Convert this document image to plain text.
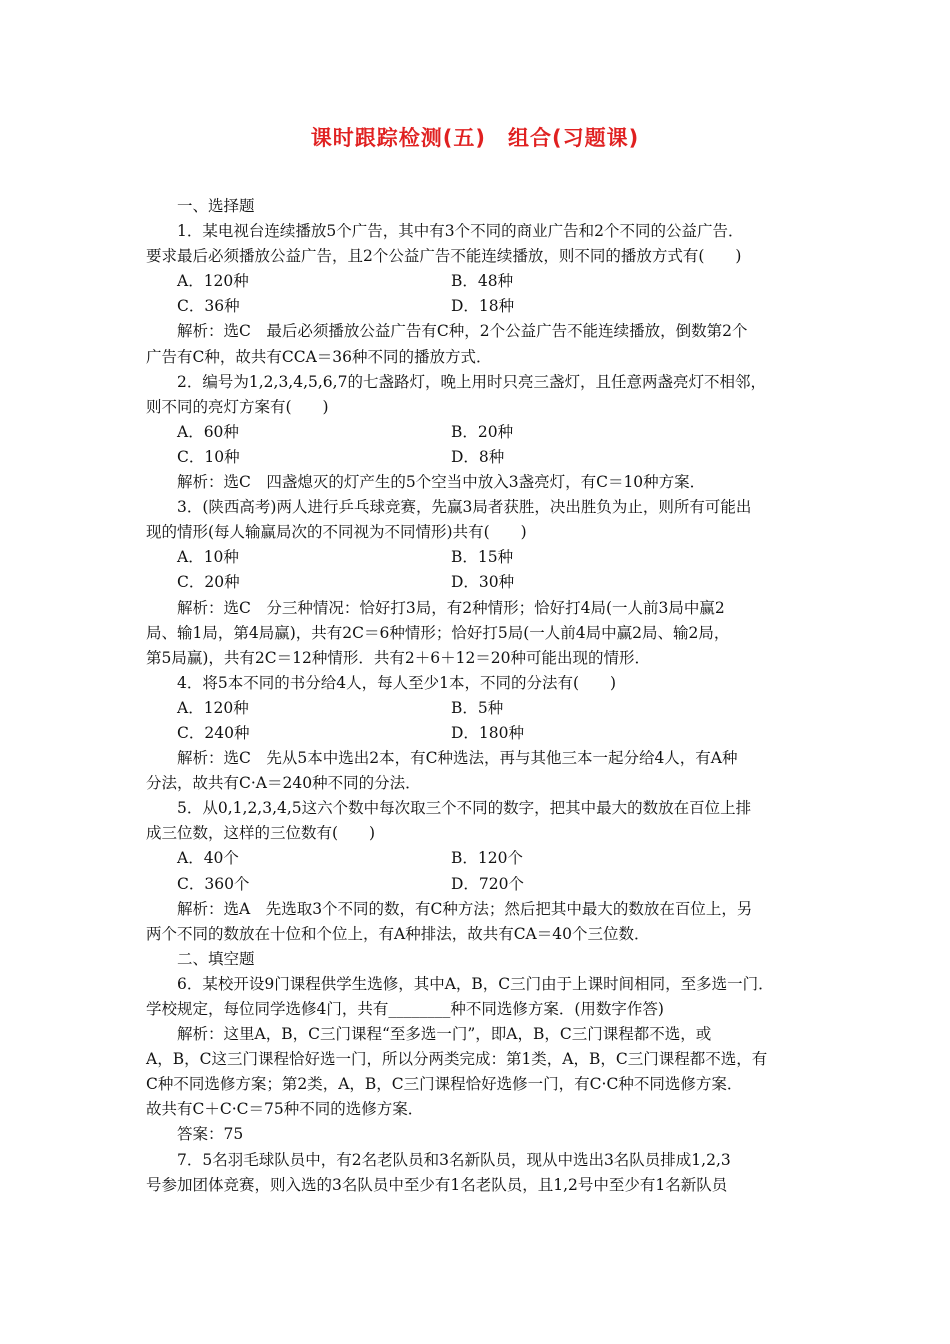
课时跟踪检测(五)　组合(习题课)
一、选择题
1．某电视台连续播放5个广告，其中有3个不同的商业广告和2个不同的公益广告．
要求最后必须播放公益广告，且2个公益广告不能连续播放，则不同的播放方式有(　　)
A．120种	B．48种
C．36种	D．18种
解析：选C　最后必须播放公益广告有C种，2个公益广告不能连续播放，倒数第2个
广告有C种，故共有CCA＝36种不同的播放方式．
2．编号为1,2,3,4,5,6,7的七盏路灯，晚上用时只亮三盏灯，且任意两盏亮灯不相邻，
则不同的亮灯方案有(　　)
A．60种	B．20种
C．10种	D．8种
解析：选C　四盏熄灭的灯产生的5个空当中放入3盏亮灯，有C＝10种方案．
3．(陕西高考)两人进行乒乓球竞赛，先赢3局者获胜，决出胜负为止，则所有可能出
现的情形(每人输赢局次的不同视为不同情形)共有(　　)
A．10种	B．15种
C．20种	D．30种
解析：选C　分三种情况：恰好打3局，有2种情形；恰好打4局(一人前3局中赢2
局、输1局，第4局赢)，共有2C＝6种情形；恰好打5局(一人前4局中赢2局、输2局，
第5局赢)，共有2C＝12种情形．共有2＋6＋12＝20种可能出现的情形．
4．将5本不同的书分给4人，每人至少1本，不同的分法有(　　)
A．120种	B．5种
C．240种	D．180种
解析：选C　先从5本中选出2本，有C种选法，再与其他三本一起分给4人，有A种
分法，故共有C·A＝240种不同的分法．
5．从0,1,2,3,4,5这六个数中每次取三个不同的数字，把其中最大的数放在百位上排
成三位数，这样的三位数有(　　)
A．40个	B．120个
C．360个	D．720个
解析：选A　先选取3个不同的数，有C种方法；然后把其中最大的数放在百位上，另
两个不同的数放在十位和个位上，有A种排法，故共有CA＝40个三位数．
二、填空题
6．某校开设9门课程供学生选修，其中A，B，C三门由于上课时间相同，至多选一门．
学校规定，每位同学选修4门，共有________种不同选修方案．(用数字作答)
解析：这里A，B，C三门课程“至多选一门”，即A，B，C三门课程都不选，或
A，B，C这三门课程恰好选一门，所以分两类完成：第1类，A，B，C三门课程都不选，有
C种不同选修方案；第2类，A，B，C三门课程恰好选修一门，有C·C种不同选修方案．
故共有C＋C·C＝75种不同的选修方案．
答案：75
7．5名羽毛球队员中，有2名老队员和3名新队员，现从中选出3名队员排成1,2,3
号参加团体竞赛，则入选的3名队员中至少有1名老队员，且1,2号中至少有1名新队员
